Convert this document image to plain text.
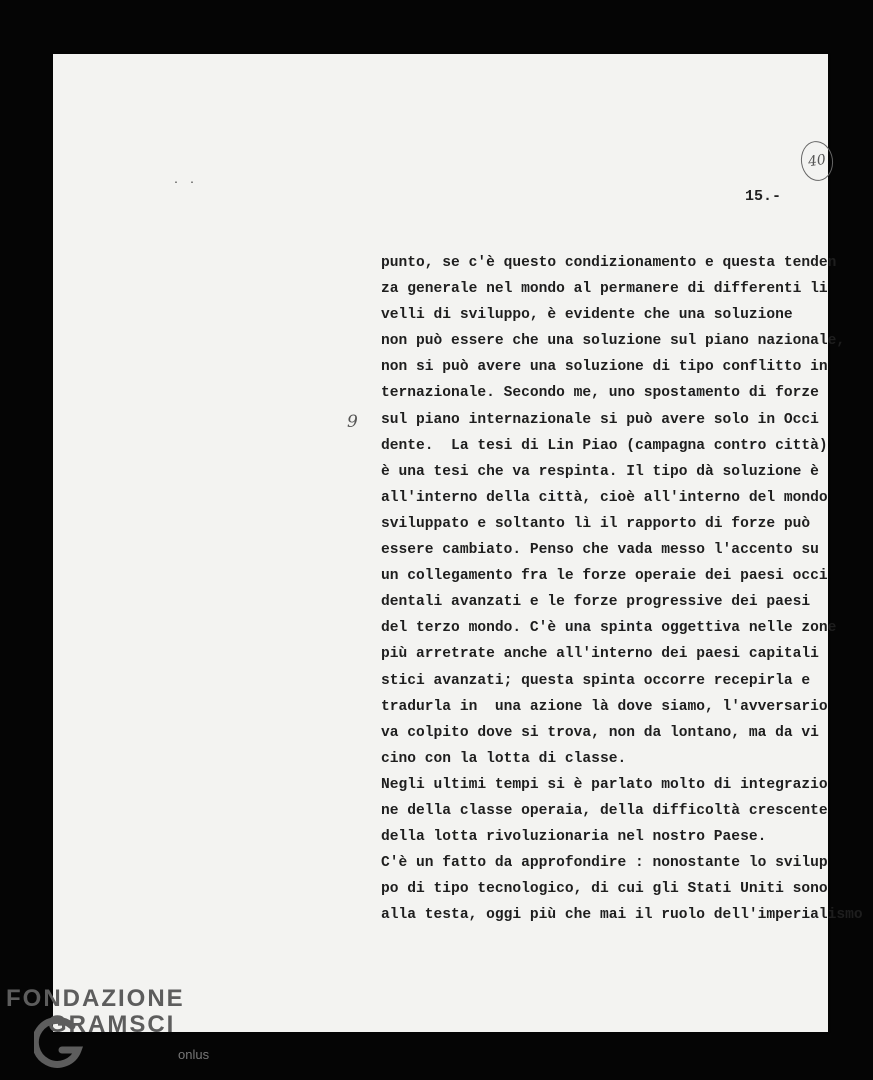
··
40
15.-
9
punto, se c'è questo condizionamento e questa tenden
za generale nel mondo al permanere di differenti li
velli di sviluppo, è evidente che una soluzione
non può essere che una soluzione sul piano nazionale,
non si può avere una soluzione di tipo conflitto in
ternazionale. Secondo me, uno spostamento di forze
sul piano internazionale si può avere solo in Occi
dente.  La tesi di Lin Piao (campagna contro città)
è una tesi che va respinta. Il tipo dà soluzione è
all'interno della città, cioè all'interno del mondo
sviluppato e soltanto lì il rapporto di forze può
essere cambiato. Penso che vada messo l'accento su
un collegamento fra le forze operaie dei paesi occi
dentali avanzati e le forze progressive dei paesi
del terzo mondo. C'è una spinta oggettiva nelle zone
più arretrate anche all'interno dei paesi capitali
stici avanzati; questa spinta occorre recepirla e
tradurla in  una azione là dove siamo, l'avversario
va colpito dove si trova, non da lontano, ma da vi
cino con la lotta di classe.
Negli ultimi tempi si è parlato molto di integrazio
ne della classe operaia, della difficoltà crescente
della lotta rivoluzionaria nel nostro Paese.
C'è un fatto da approfondire : nonostante lo svilup
po di tipo tecnologico, di cui gli Stati Uniti sono
alla testa, oggi più che mai il ruolo dell'imperialismo
FONDAZIONE
GRAMSCI
onlus
